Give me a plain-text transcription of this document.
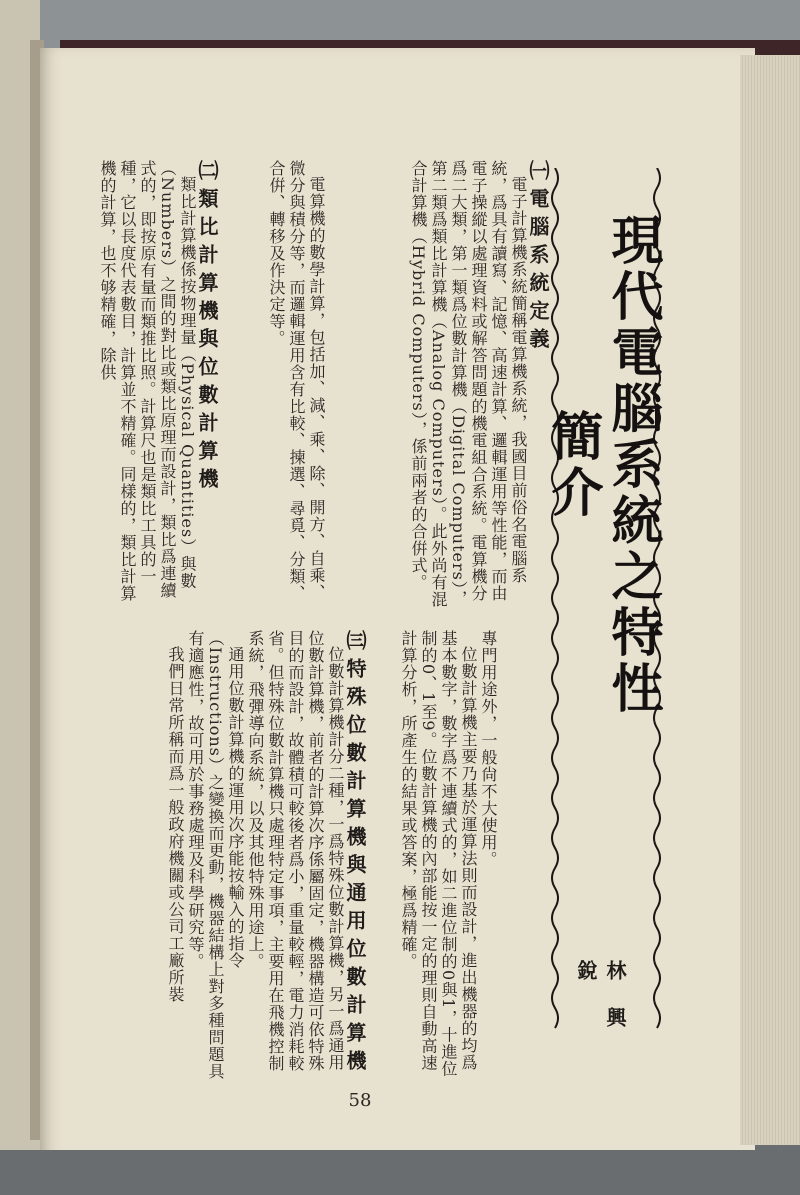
現代電腦系統之特性簡介
林 興 銳
㈠電腦系統定義
電子計算機系統簡稱電算機系統，我國目前俗名電腦系統，爲具有讀寫、記憶、高速計算、邏輯運用等性能，而由電子操縱以處理資料或解答問題的機電組合系統。電算機分爲二大類，第一類爲位數計算機（Digital Computers），第二類爲類比計算機（Analog Computers）。此外尚有混合計算機（Hybrid Computers），係前兩者的合倂式。
電算機的數學計算，包括加、減、乘、除、開方、自乘、微分與積分等，而邏輯運用含有比較、揀選、尋覓、分類、合倂、轉移及作決定等。
㈡類比計算機與位數計算機
類比計算機係按物理量（Physical Quantities）與數（Numbers）之間的對比或類比原理而設計，類比爲連續式的，即按原有量而類推比照。計算尺也是類比工具的一種，它以長度代表數目，計算並不精確。同樣的，類比計算機的計算，也不够精確，除供
專門用途外，一般尙不大使用。
位數計算機主要乃基於運算法則而設計，進出機器的均爲基本數字，數字爲不連續式的，如二進位制的0與1，十進位制的0、1至9。位數計算機的內部能按一定的理則自動高速計算分析，所產生的結果或答案，極爲精確。
㈢特殊位數計算機與通用位數計算機
位數計算機計分二種，一爲特殊位數計算機，另一爲通用位數計算機，前者的計算次序係屬固定，機器構造可依特殊目的而設計，故體積可較後者爲小，重量較輕，電力消耗較省。但特殊位數計算機只處理特定事項，主要用在飛機控制系統，飛彈導向系統，以及其他特殊用途上。
通用位數計算機的運用次序能按輸入的指令（Instructions）之變換而更動，機器結構上對多種問題具有適應性，故可用於事務處理及科學研究等。
我們日常所稱而爲一般政府機關或公司工廠所裝
58
